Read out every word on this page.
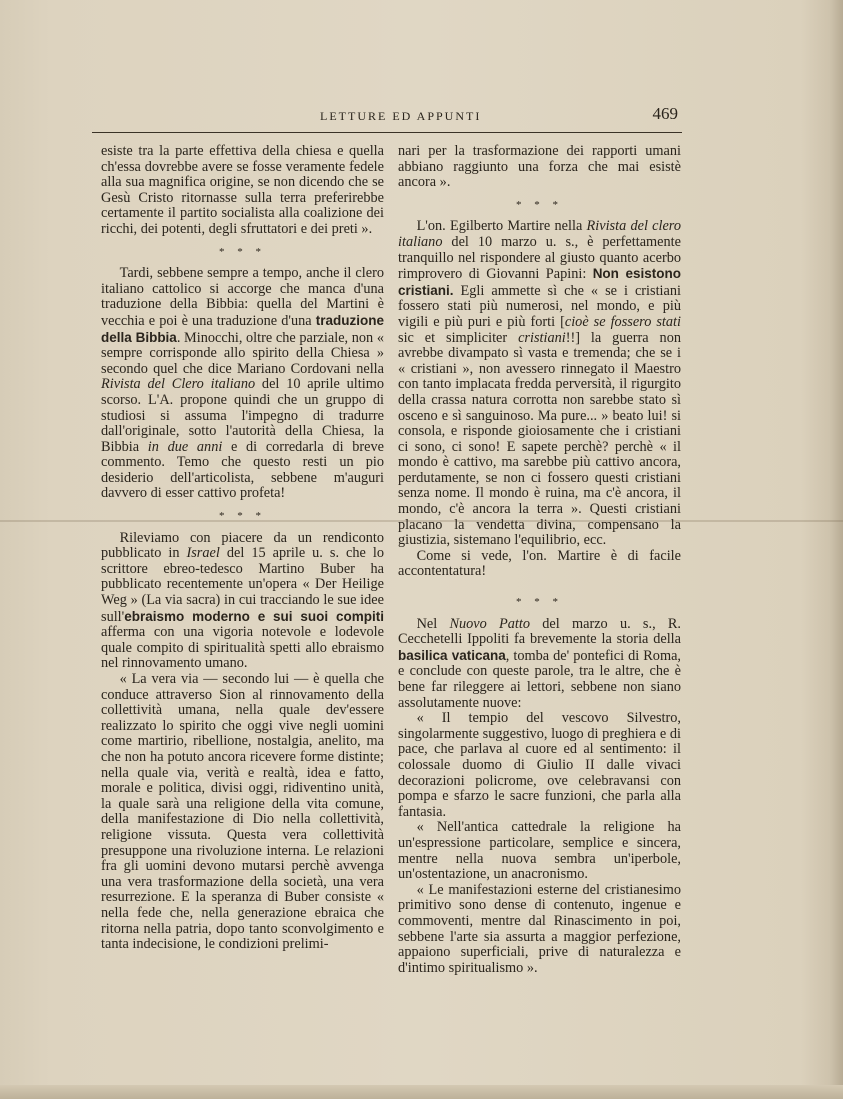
LETTURE ED APPUNTI	469

esiste tra la parte effettiva della chiesa e quella ch'essa dovrebbe avere se fosse veramente fedele alla sua magnifica origine, se non dicendo che se Gesù Cristo ritornasse sulla terra preferirebbe certamente il partito socialista alla coalizione dei ricchi, dei potenti, degli sfruttatori e dei preti ».

* * *

Tardi, sebbene sempre a tempo, anche il clero italiano cattolico si accorge che manca d'una traduzione della Bibbia: quella del Martini è vecchia e poi è una traduzione d'una traduzione della Bibbia. Minocchi, oltre che parziale, non « sempre corrisponde allo spirito della Chiesa » secondo quel che dice Mariano Cordovani nella Rivista del Clero italiano del 10 aprile ultimo scorso. L'A. propone quindi che un gruppo di studiosi si assuma l'impegno di tradurre dall'originale, sotto l'autorità della Chiesa, la Bibbia in due anni e di corredarla di breve commento. Temo che questo resti un pio desiderio dell'articolista, sebbene m'auguri davvero di esser cattivo profeta!

* * *

Rileviamo con piacere da un rendiconto pubblicato in Israel del 15 aprile u. s. che lo scrittore ebreo-tedesco Martino Buber ha pubblicato recentemente un'opera « Der Heilige Weg » (La via sacra) in cui tracciando le sue idee sull'ebraismo moderno e sui suoi compiti afferma con una vigoria notevole e lodevole quale compito di spiritualità spetti allo ebraismo nel rinnovamento umano.

« La vera via — secondo lui — è quella che conduce attraverso Sion al rinnovamento della collettività umana, nella quale dev'essere realizzato lo spirito che oggi vive negli uomini come martirio, ribellione, nostalgia, anelito, ma che non ha potuto ancora ricevere forme distinte; nella quale via, verità e realtà, idea e fatto, morale e politica, divisi oggi, ridiventino unità, la quale sarà una religione della vita comune, della manifestazione di Dio nella collettività, religione vissuta. Questa vera collettività presuppone una rivoluzione interna. Le relazioni fra gli uomini devono mutarsi perchè avvenga una vera trasformazione della società, una vera resurrezione. E la speranza di Buber consiste « nella fede che, nella generazione ebraica che ritorna nella patria, dopo tanto sconvolgimento e tanta indecisione, le condizioni prelimi-

nari per la trasformazione dei rapporti umani abbiano raggiunto una forza che mai esistè ancora ».

* * *

L'on. Egilberto Martire nella Rivista del clero italiano del 10 marzo u. s., è perfettamente tranquillo nel rispondere al giusto quanto acerbo rimprovero di Giovanni Papini: Non esistono cristiani. Egli ammette sì che « se i cristiani fossero stati più numerosi, nel mondo, e più vigili e più puri e più forti [cioè se fossero stati sic et simpliciter cristiani!!] la guerra non avrebbe divampato sì vasta e tremenda; che se i « cristiani », non avessero rinnegato il Maestro con tanto implacata fredda perversità, il rigurgito della crassa natura corrotta non sarebbe stato sì osceno e sì sanguinoso. Ma pure... » beato lui! si consola, e risponde gioiosamente che i cristiani ci sono, ci sono! E sapete perchè? perchè « il mondo è cattivo, ma sarebbe più cattivo ancora, perdutamente, se non ci fossero questi cristiani senza nome. Il mondo è ruina, ma c'è ancora, il mondo, c'è ancora la terra ». Questi cristiani placano la vendetta divina, compensano la giustizia, sistemano l'equilibrio, ecc.

Come si vede, l'on. Martire è di facile accontentatura!

* * *

Nel Nuovo Patto del marzo u. s., R. Cecchetelli Ippoliti fa brevemente la storia della basilica vaticana, tomba de' pontefici di Roma, e conclude con queste parole, tra le altre, che è bene far rileggere ai lettori, sebbene non siano assolutamente nuove:

« Il tempio del vescovo Silvestro, singolarmente suggestivo, luogo di preghiera e di pace, che parlava al cuore ed al sentimento: il colossale duomo di Giulio II dalle vivaci decorazioni policrome, ove celebravansi con pompa e sfarzo le sacre funzioni, che parla alla fantasia.

« Nell'antica cattedrale la religione ha un'espressione particolare, semplice e sincera, mentre nella nuova sembra un'iperbole, un'ostentazione, un anacronismo.

« Le manifestazioni esterne del cristianesimo primitivo sono dense di contenuto, ingenue e commoventi, mentre dal Rinascimento in poi, sebbene l'arte sia assurta a maggior perfezione, appaiono superficiali, prive di naturalezza e d'intimo spiritualismo ».
